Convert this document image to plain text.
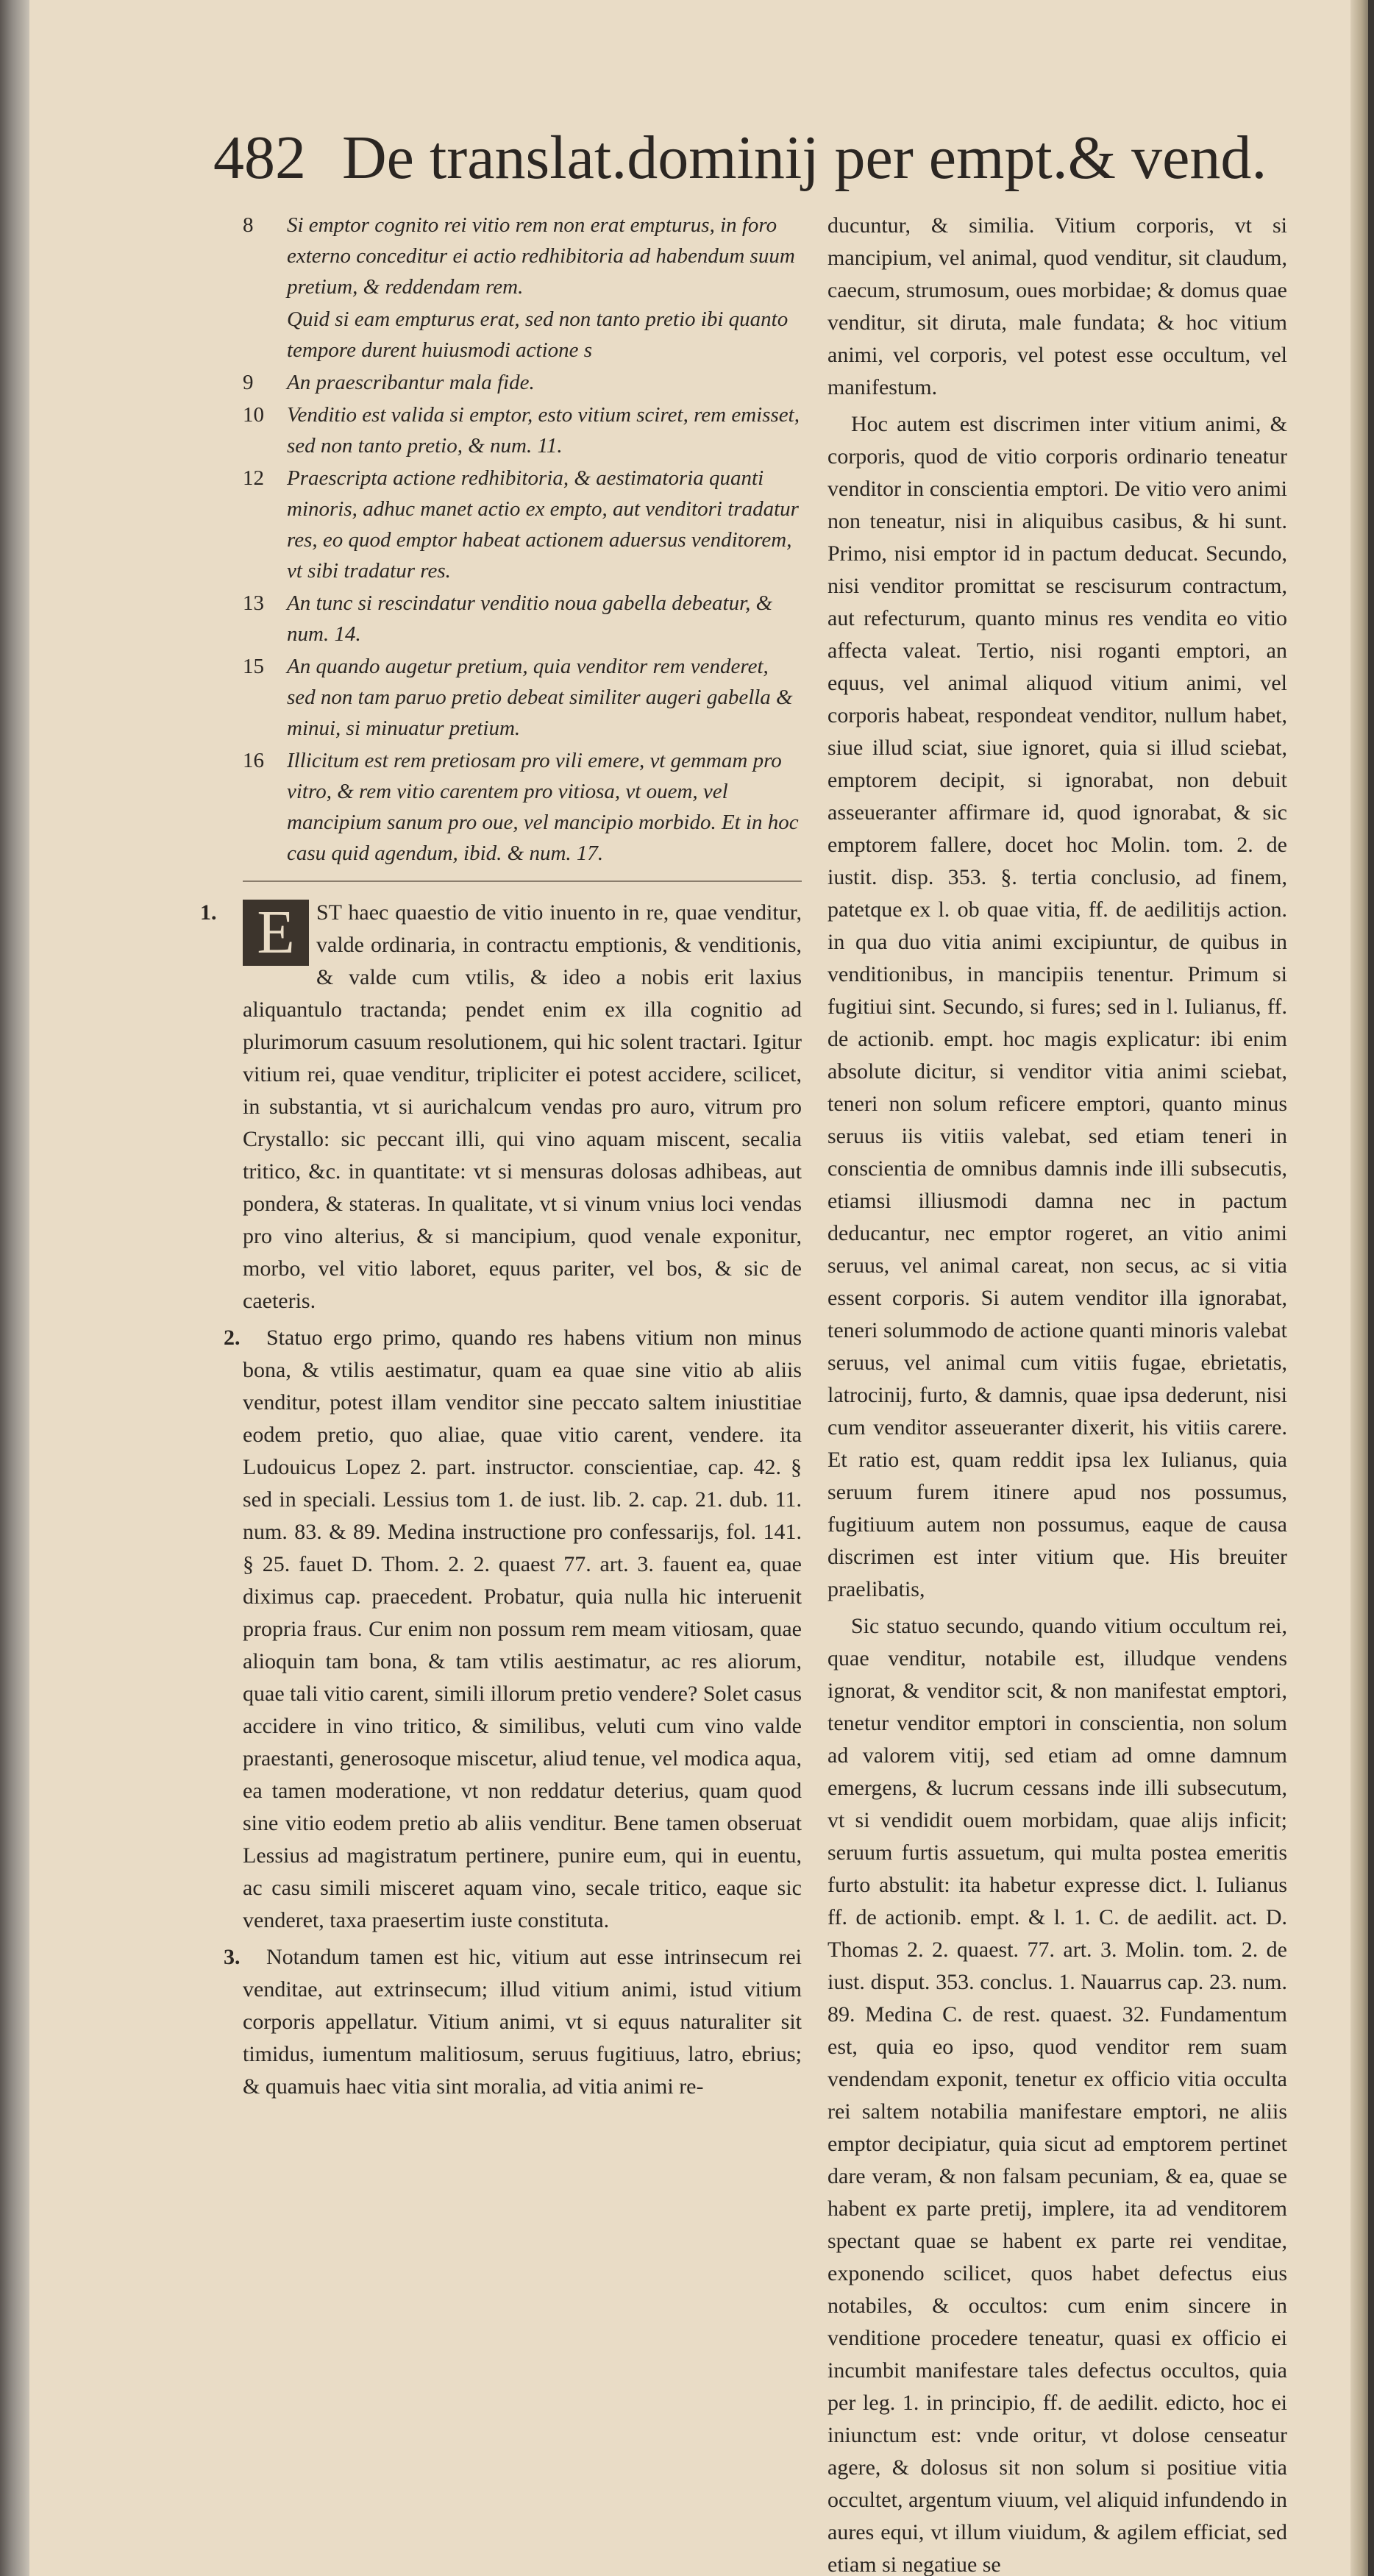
482 De translat.dominij per empt.& vend.
8	Si emptor cognito rei vitio rem non erat empturus, in foro externo conceditur ei actio redhibitoria ad habendum suum pretium, & reddendam rem.
Quid si eam empturus erat, sed non tanto pretio ibi quanto tempore durent huiusmodi actione s
9	An praescribantur mala fide.
10	Venditio est valida si emptor, esto vitium sciret, rem emisset, sed non tanto pretio, & num. 11.
12	Praescripta actione redhibitoria, & aestimatoria quanti minoris, adhuc manet actio ex empto, aut venditori tradatur res, eo quod emptor habeat actionem aduersus venditorem, vt sibi tradatur res.
13	An tunc si rescindatur venditio noua gabella debeatur, & num. 14.
15	An quando augetur pretium, quia venditor rem venderet, sed non tam paruo pretio debeat similiter augeri gabella & minui, si minuatur pretium.
16	Illicitum est rem pretiosam pro vili emere, vt gemmam pro vitro, & rem vitio carentem pro vitiosa, vt ouem, vel mancipium sanum pro oue, vel mancipio morbido. Et in hoc casu quid agendum, ibid. & num. 17.
1. E ST haec quaestio de vitio inuento in re, quae venditur, valde ordinaria, in contractu emptionis, & venditionis, & valde cum vtilis, & ideo a nobis erit laxius aliquantulo tractanda; pendet enim ex illa cognitio ad plurimorum casuum resolutionem, qui hic solent tractari. Igitur vitium rei, quae venditur, tripliciter ei potest accidere, scilicet, in substantia, vt si aurichalcum vendas pro auro, vitrum pro Crystallo: sic peccant illi, qui vino aquam miscent, secalia tritico, &c. in quantitate: vt si mensuras dolosas adhibeas, aut pondera, & stateras. In qualitate, vt si vinum vnius loci vendas pro vino alterius, & si mancipium, quod venale exponitur, morbo, vel vitio laboret, equus pariter, vel bos, & sic de caeteris.
2. Statuo ergo primo, quando res habens vitium non minus bona, & vtilis aestimatur, quam ea quae sine vitio ab aliis venditur, potest illam venditor sine peccato saltem iniustitiae eodem pretio, quo aliae, quae vitio carent, vendere. ita Ludouicus Lopez 2. part. instructor. conscientiae, cap. 42. § sed in speciali. Lessius tom 1. de iust. lib. 2. cap. 21. dub. 11. num. 83. & 89. Medina instructione pro confessarijs, fol. 141. § 25. fauet D. Thom. 2. 2. quaest 77. art. 3. fauent ea, quae diximus cap. praecedent. Probatur, quia nulla hic interuenit propria fraus. Cur enim non possum rem meam vitiosam, quae alioquin tam bona, & tam vtilis aestimatur, ac res aliorum, quae tali vitio carent, simili illorum pretio vendere? Solet casus accidere in vino tritico, & similibus, veluti cum vino valde praestanti, generosoque miscetur, aliud tenue, vel modica aqua, ea tamen moderatione, vt non reddatur deterius, quam quod sine vitio eodem pretio ab aliis venditur. Bene tamen obseruat Lessius ad magistratum pertinere, punire eum, qui in euentu, ac casu simili misceret aquam vino, secale tritico, eaque sic venderet, taxa praesertim iuste constituta.
3. Notandum tamen est hic, vitium aut esse intrinsecum rei venditae, aut extrinsecum; illud vitium animi, istud vitium corporis appellatur. Vitium animi, vt si equus naturaliter sit timidus, iumentum malitiosum, seruus fugitiuus, latro, ebrius; & quamuis haec vitia sint moralia, ad vitia animi re-

ducuntur, & similia. Vitium corporis, vt si mancipium, vel animal, quod venditur, sit claudum, caecum, strumosum, oues morbidae; & domus quae venditur, sit diruta, male fundata; & hoc vitium animi, vel corporis, vel potest esse occultum, vel manifestum.

Hoc autem est discrimen inter vitium animi, & corporis, quod de vitio corporis ordinario teneatur venditor in conscientia emptori. De vitio vero animi non teneatur, nisi in aliquibus casibus, & hi sunt. Primo, nisi emptor id in pactum deducat. Secundo, nisi venditor promittat se rescisurum contractum, aut refecturum, quanto minus res vendita eo vitio affecta valeat. Tertio, nisi roganti emptori, an equus, vel animal aliquod vitium animi, vel corporis habeat, respondeat venditor, nullum habet, siue illud sciat, siue ignoret, quia si illud sciebat, emptorem decipit, si ignorabat, non debuit asseueranter affirmare id, quod ignorabat, & sic emptorem fallere, docet hoc Molin. tom. 2. de iustit. disp. 353. §. tertia conclusio, ad finem, patetque ex l. ob quae vitia, ff. de aedilitijs action. in qua duo vitia animi excipiuntur, de quibus in venditionibus, in mancipiis tenentur. Primum si fugitiui sint. Secundo, si fures; sed in l. Iulianus, ff. de actionib. empt. hoc magis explicatur: ibi enim absolute dicitur, si venditor vitia animi sciebat, teneri non solum reficere emptori, quanto minus seruus iis vitiis valebat, sed etiam teneri in conscientia de omnibus damnis inde illi subsecutis, etiamsi illiusmodi damna nec in pactum deducantur, nec emptor rogeret, an vitio animi seruus, vel animal careat, non secus, ac si vitia essent corporis. Si autem venditor illa ignorabat, teneri solummodo de actione quanti minoris valebat seruus, vel animal cum vitiis fugae, ebrietatis, latrocinij, furto, & damnis, quae ipsa dederunt, nisi cum venditor asseueranter dixerit, his vitiis carere. Et ratio est, quam reddit ipsa lex Iulianus, quia seruum furem itinere apud nos possumus, fugitiuum autem non possumus, eaque de causa discrimen est inter vitium que. His breuiter praelibatis,

Sic statuo secundo, quando vitium occultum rei, quae venditur, notabile est, illudque vendens ignorat, & venditor scit, & non manifestat emptori, tenetur venditor emptori in conscientia, non solum ad valorem vitij, sed etiam ad omne damnum emergens, & lucrum cessans inde illi subsecutum, vt si vendidit ouem morbidam, quae alijs inficit; seruum furtis assuetum, qui multa postea emeritis furto abstulit: ita habetur expresse dict. l. Iulianus ff. de actionib. empt. & l. 1. C. de aedilit. act. D. Thomas 2. 2. quaest. 77. art. 3. Molin. tom. 2. de iust. disput. 353. conclus. 1. Nauarrus cap. 23. num. 89. Medina C. de rest. quaest. 32. Fundamentum est, quia eo ipso, quod venditor rem suam vendendam exponit, tenetur ex officio vitia occulta rei saltem notabilia manifestare emptori, ne aliis emptor decipiatur, quia sicut ad emptorem pertinet dare veram, & non falsam pecuniam, & ea, quae se habent ex parte pretij, implere, ita ad venditorem spectant quae se habent ex parte rei venditae, exponendo scilicet, quos habet defectus eius notabiles, & occultos: cum enim sincere in venditione procedere teneatur, quasi ex officio ei incumbit manifestare tales defectus occultos, quia per leg. 1. in principio, ff. de aedilit. edicto, hoc ei iniunctum est: vnde oritur, vt dolose censeatur agere, & dolosus sit non solum si positiue vitia occultet, argentum viuum, vel aliquid infundendo in aures equi, vt illum viuidum, & agilem efficiat, sed etiam si negatiue se
